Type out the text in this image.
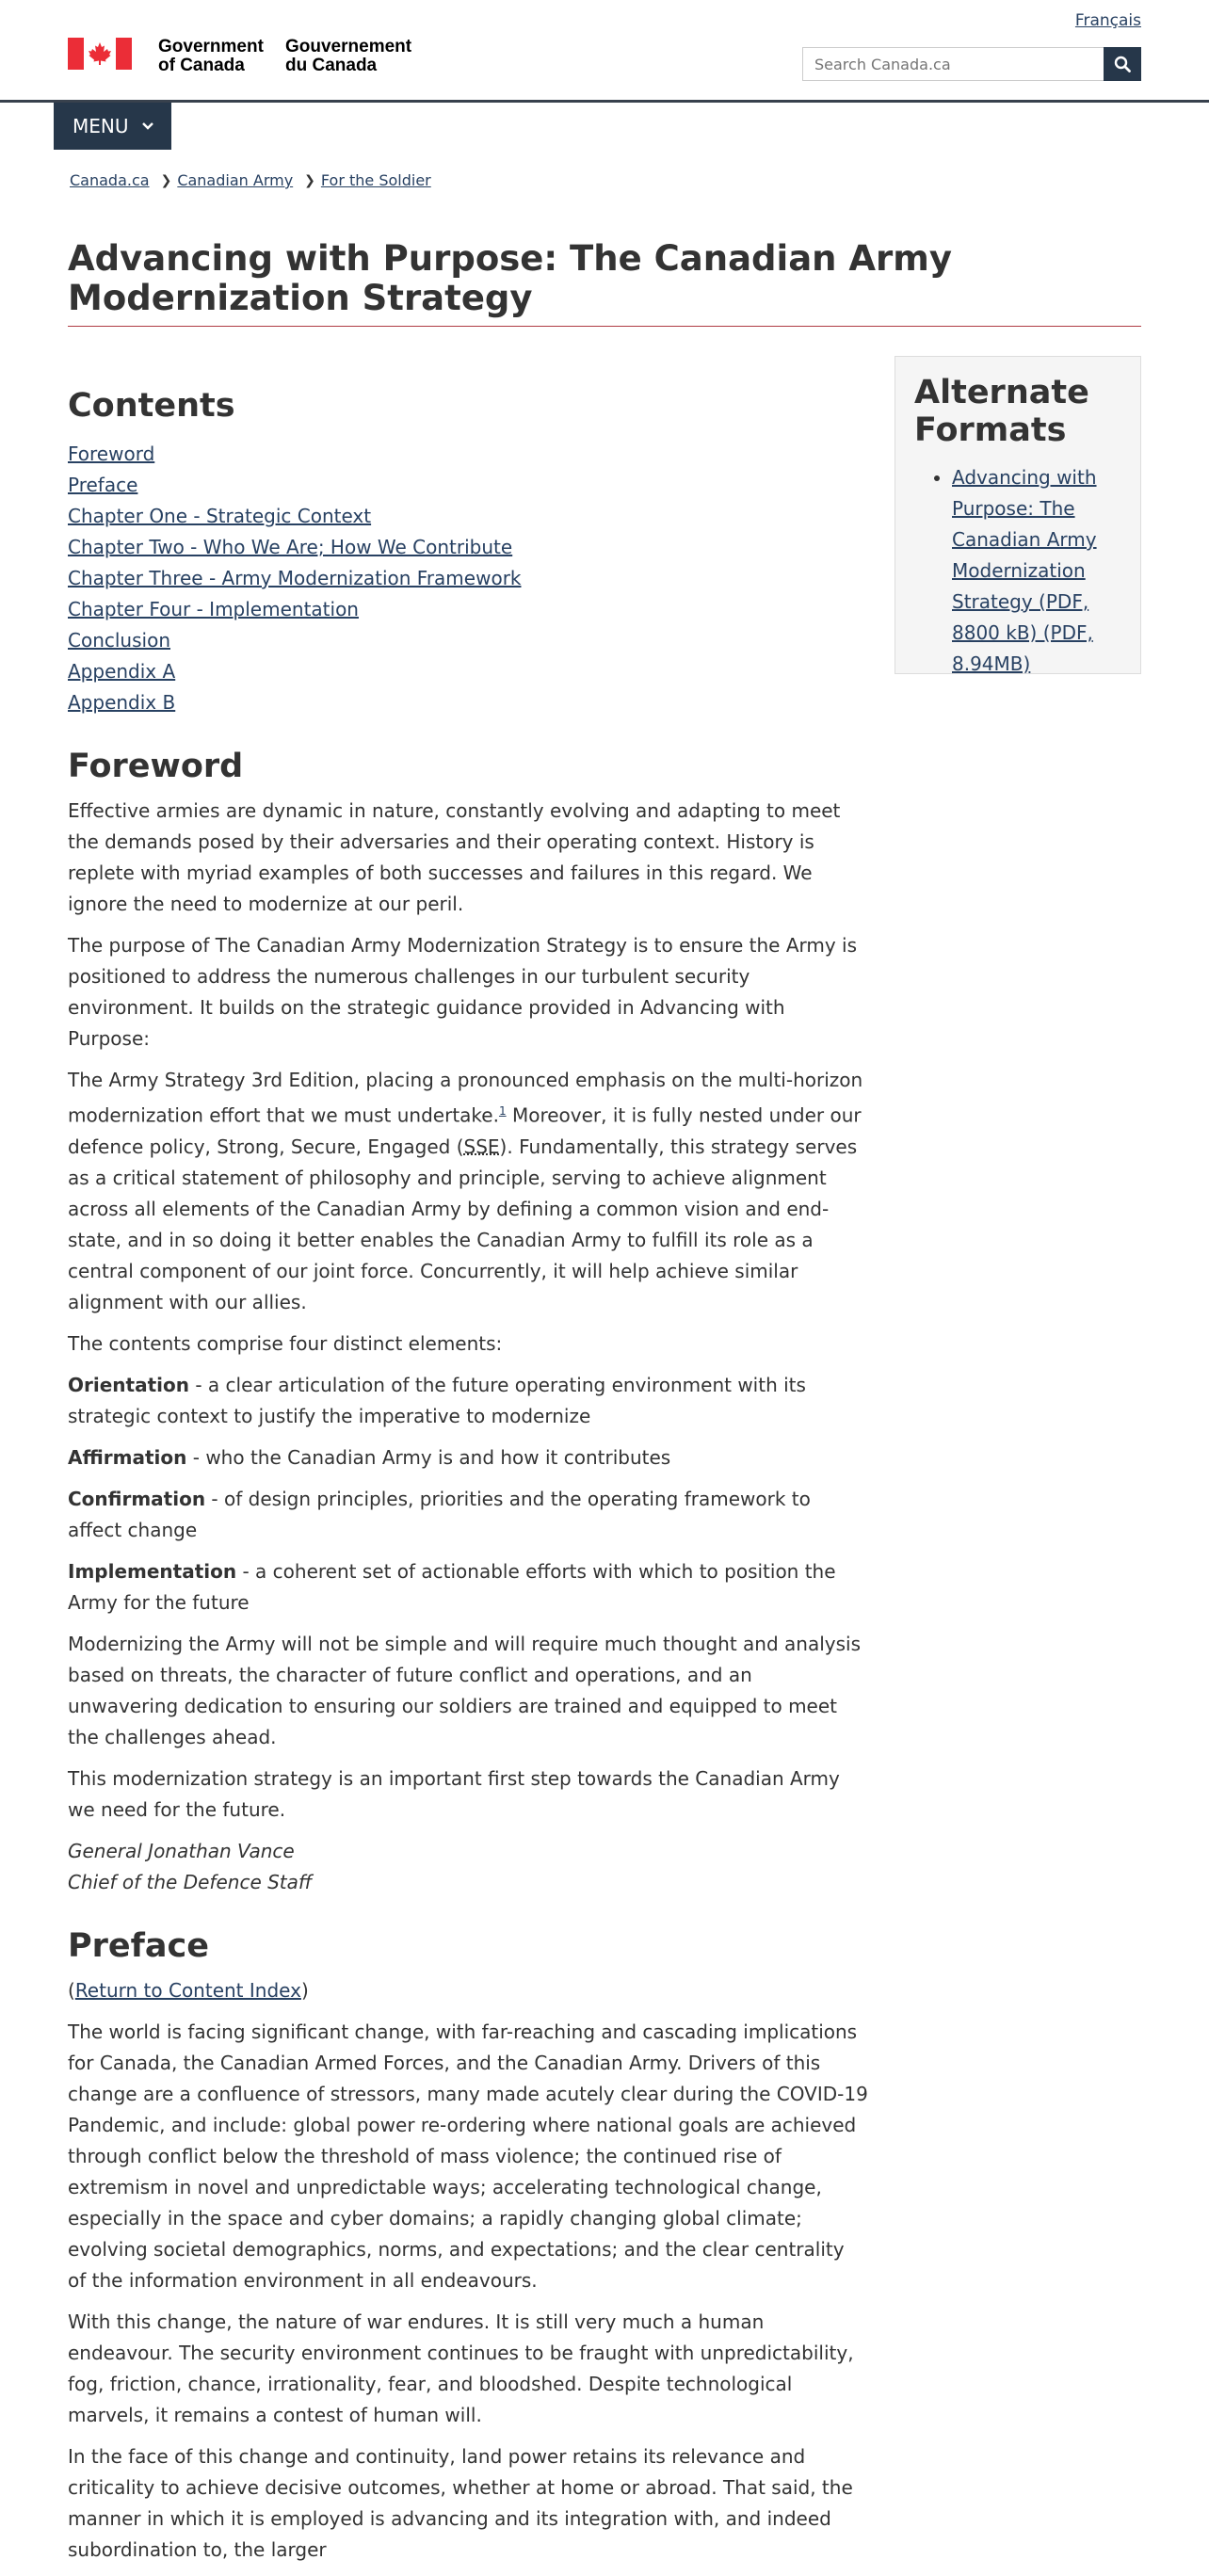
Français
Government
of Canada
Gouvernement
du Canada
Search Canada.ca
MENU
Canada.ca ❯ Canadian Army ❯ For the Soldier
Advancing with Purpose: The Canadian Army Modernization Strategy
Contents
Foreword
Preface
Chapter One - Strategic Context
Chapter Two - Who We Are; How We Contribute
Chapter Three - Army Modernization Framework
Chapter Four - Implementation
Conclusion
Appendix A
Appendix B
Foreword

Effective armies are dynamic in nature, constantly evolving and adapting to meet the demands posed by their adversaries and their operating context. History is replete with myriad examples of both successes and failures in this regard. We ignore the need to modernize at our peril.

The purpose of The Canadian Army Modernization Strategy is to ensure the Army is positioned to address the numerous challenges in our turbulent security environment. It builds on the strategic guidance provided in Advancing with Purpose:

The Army Strategy 3rd Edition, placing a pronounced emphasis on the multi-horizon modernization effort that we must undertake.$^1$ Moreover, it is fully nested under our defence policy, Strong, Secure, Engaged (SSE). Fundamentally, this strategy serves as a critical statement of philosophy and principle, serving to achieve alignment across all elements of the Canadian Army by defining a common vision and end-state, and in so doing it better enables the Canadian Army to fulfill its role as a central component of our joint force. Concurrently, it will help achieve similar alignment with our allies.

The contents comprise four distinct elements:

Orientation - a clear articulation of the future operating environment with its strategic context to justify the imperative to modernize

Affirmation - who the Canadian Army is and how it contributes

Confirmation - of design principles, priorities and the operating framework to affect change

Implementation - a coherent set of actionable efforts with which to position the Army for the future

Modernizing the Army will not be simple and will require much thought and analysis based on threats, the character of future conflict and operations, and an unwavering dedication to ensuring our soldiers are trained and equipped to meet the challenges ahead.

This modernization strategy is an important first step towards the Canadian Army we need for the future.

General Jonathan Vance

Chief of the Defence Staff

Preface

(Return to Content Index)

The world is facing significant change, with far-reaching and cascading implications for Canada, the Canadian Armed Forces, and the Canadian Army. Drivers of this change are a confluence of stressors, many made acutely clear during the COVID-19 Pandemic, and include: global power re-ordering where national goals are achieved through conflict below the threshold of mass violence; the continued rise of extremism in novel and unpredictable ways; accelerating technological change, especially in the space and cyber domains; a rapidly changing global climate; evolving societal demographics, norms, and expectations; and the clear centrality of the information environment in all endeavours.

With this change, the nature of war endures. It is still very much a human endeavour. The security environment continues to be fraught with unpredictability, fog, friction, chance, irrationality, fear, and bloodshed. Despite technological marvels, it remains a contest of human will.

In the face of this change and continuity, land power retains its relevance and criticality to achieve decisive outcomes, whether at home or abroad. That said, the manner in which it is employed is advancing and its integration with, and indeed subordination to, the larger

Alternate Formats
• Advancing with Purpose: The Canadian Army Modernization Strategy (PDF, 8800 kB) (PDF, 8.94MB)
